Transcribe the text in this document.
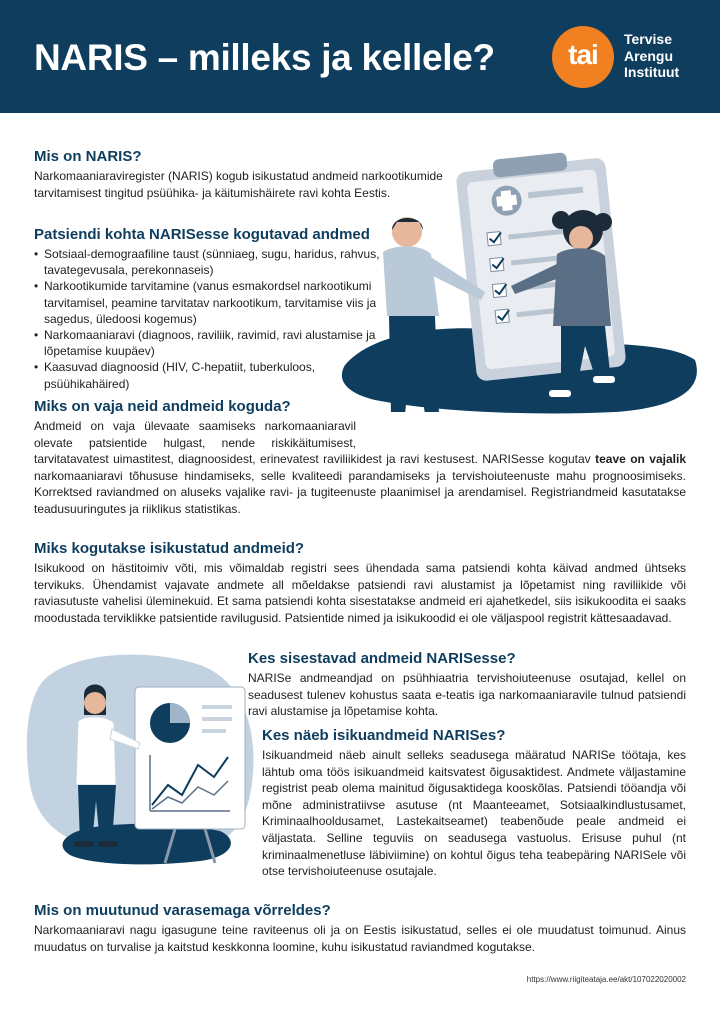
NARIS – milleks ja kellele?	tai	Tervise
Arengu
Instituut
Mis on NARIS?

Narkomaaniaraviregister (NARIS) kogub isikustatud andmeid narkootikumide tarvitamisest tingitud psüühika- ja käitumishäirete ravi kohta Eestis.

Patsiendi kohta NARISesse kogutavad andmed
• Sotsiaal-demograafiline taust (sünniaeg, sugu, haridus, rahvus, tavategevusala, perekonnaseis)
• Narkootikumide tarvitamine (vanus esmakordsel narkootikumi tarvitamisel, peamine tarvitatav narkootikum, tarvitamise viis ja sagedus, üledoosi kogemus)
• Narkomaaniaravi (diagnoos, raviliik, ravimid, ravi alustamise ja lõpetamise kuupäev)
• Kaasuvad diagnoosid (HIV, C-hepatiit, tuberkuloos, psüühikahäired)
Miks on vaja neid andmeid koguda?

Andmeid on vaja ülevaate saamiseks narkomaaniaravil olevate patsientide hulgast, nende riskikäitumisest, tarvitatavatest uimastitest, diagnoosidest, erinevatest raviliikidest ja ravi kestusest. NARISesse kogutav teave on vajalik narkomaaniaravi tõhususe hindamiseks, selle kvaliteedi parandamiseks ja tervishoiuteenuste mahu prognoosimiseks. Korrektsed raviandmed on aluseks vajalike ravi- ja tugiteenuste plaanimisel ja arendamisel. Registriandmeid kasutatakse teadusuuringutes ja riiklikus statistikas.

Miks kogutakse isikustatud andmeid?

Isikukood on hästitoimiv võti, mis võimaldab registri sees ühendada sama patsiendi kohta käivad andmed ühtseks tervikuks. Ühendamist vajavate andmete all mõeldakse patsiendi ravi alustamist ja lõpetamist ning raviliikide või raviasutuste vahelisi üleminekuid. Et sama patsiendi kohta sisestatakse andmeid eri ajahetkedel, siis isikukoodita ei saaks moodustada terviklikke patsientide ravilugusid. Patsientide nimed ja isikukoodid ei ole väljaspool registrit kättesaadavad.

Kes sisestavad andmeid NARISesse?

NARISe andmeandjad on psühhiaatria tervishoiuteenuse osutajad, kellel on seadusest tulenev kohustus saata e-teatis iga narkomaaniaravile tulnud patsiendi ravi alustamise ja lõpetamise kohta.

Kes näeb isikuandmeid NARISes?

Isikuandmeid näeb ainult selleks seadusega määratud NARISe töötaja, kes lähtub oma töös isikuandmeid kaitsvatest õigusaktidest. Andmete väljastamine registrist peab olema mainitud õigusaktidega kooskõlas. Patsiendi tööandja või mõne administratiivse asutuse (nt Maanteeamet, Sotsiaalkindlustusamet, Kriminaalhooldusamet, Lastekaitseamet) teabenõude peale andmeid ei väljastata. Selline teguviis on seadusega vastuolus. Erisuse puhul (nt kriminaalmenetluse läbiviimine) on kohtul õigus teha teabepäring NARISele või otse tervishoiuteenuse osutajale.

Mis on muutunud varasemaga võrreldes?

Narkomaaniaravi nagu igasugune teine raviteenus oli ja on Eestis isikustatud, selles ei ole muudatust toimunud. Ainus muudatus on turvalise ja kaitstud keskkonna loomine, kuhu isikustatud raviandmed kogutakse.

https://www.riigiteataja.ee/akt/107022020002
